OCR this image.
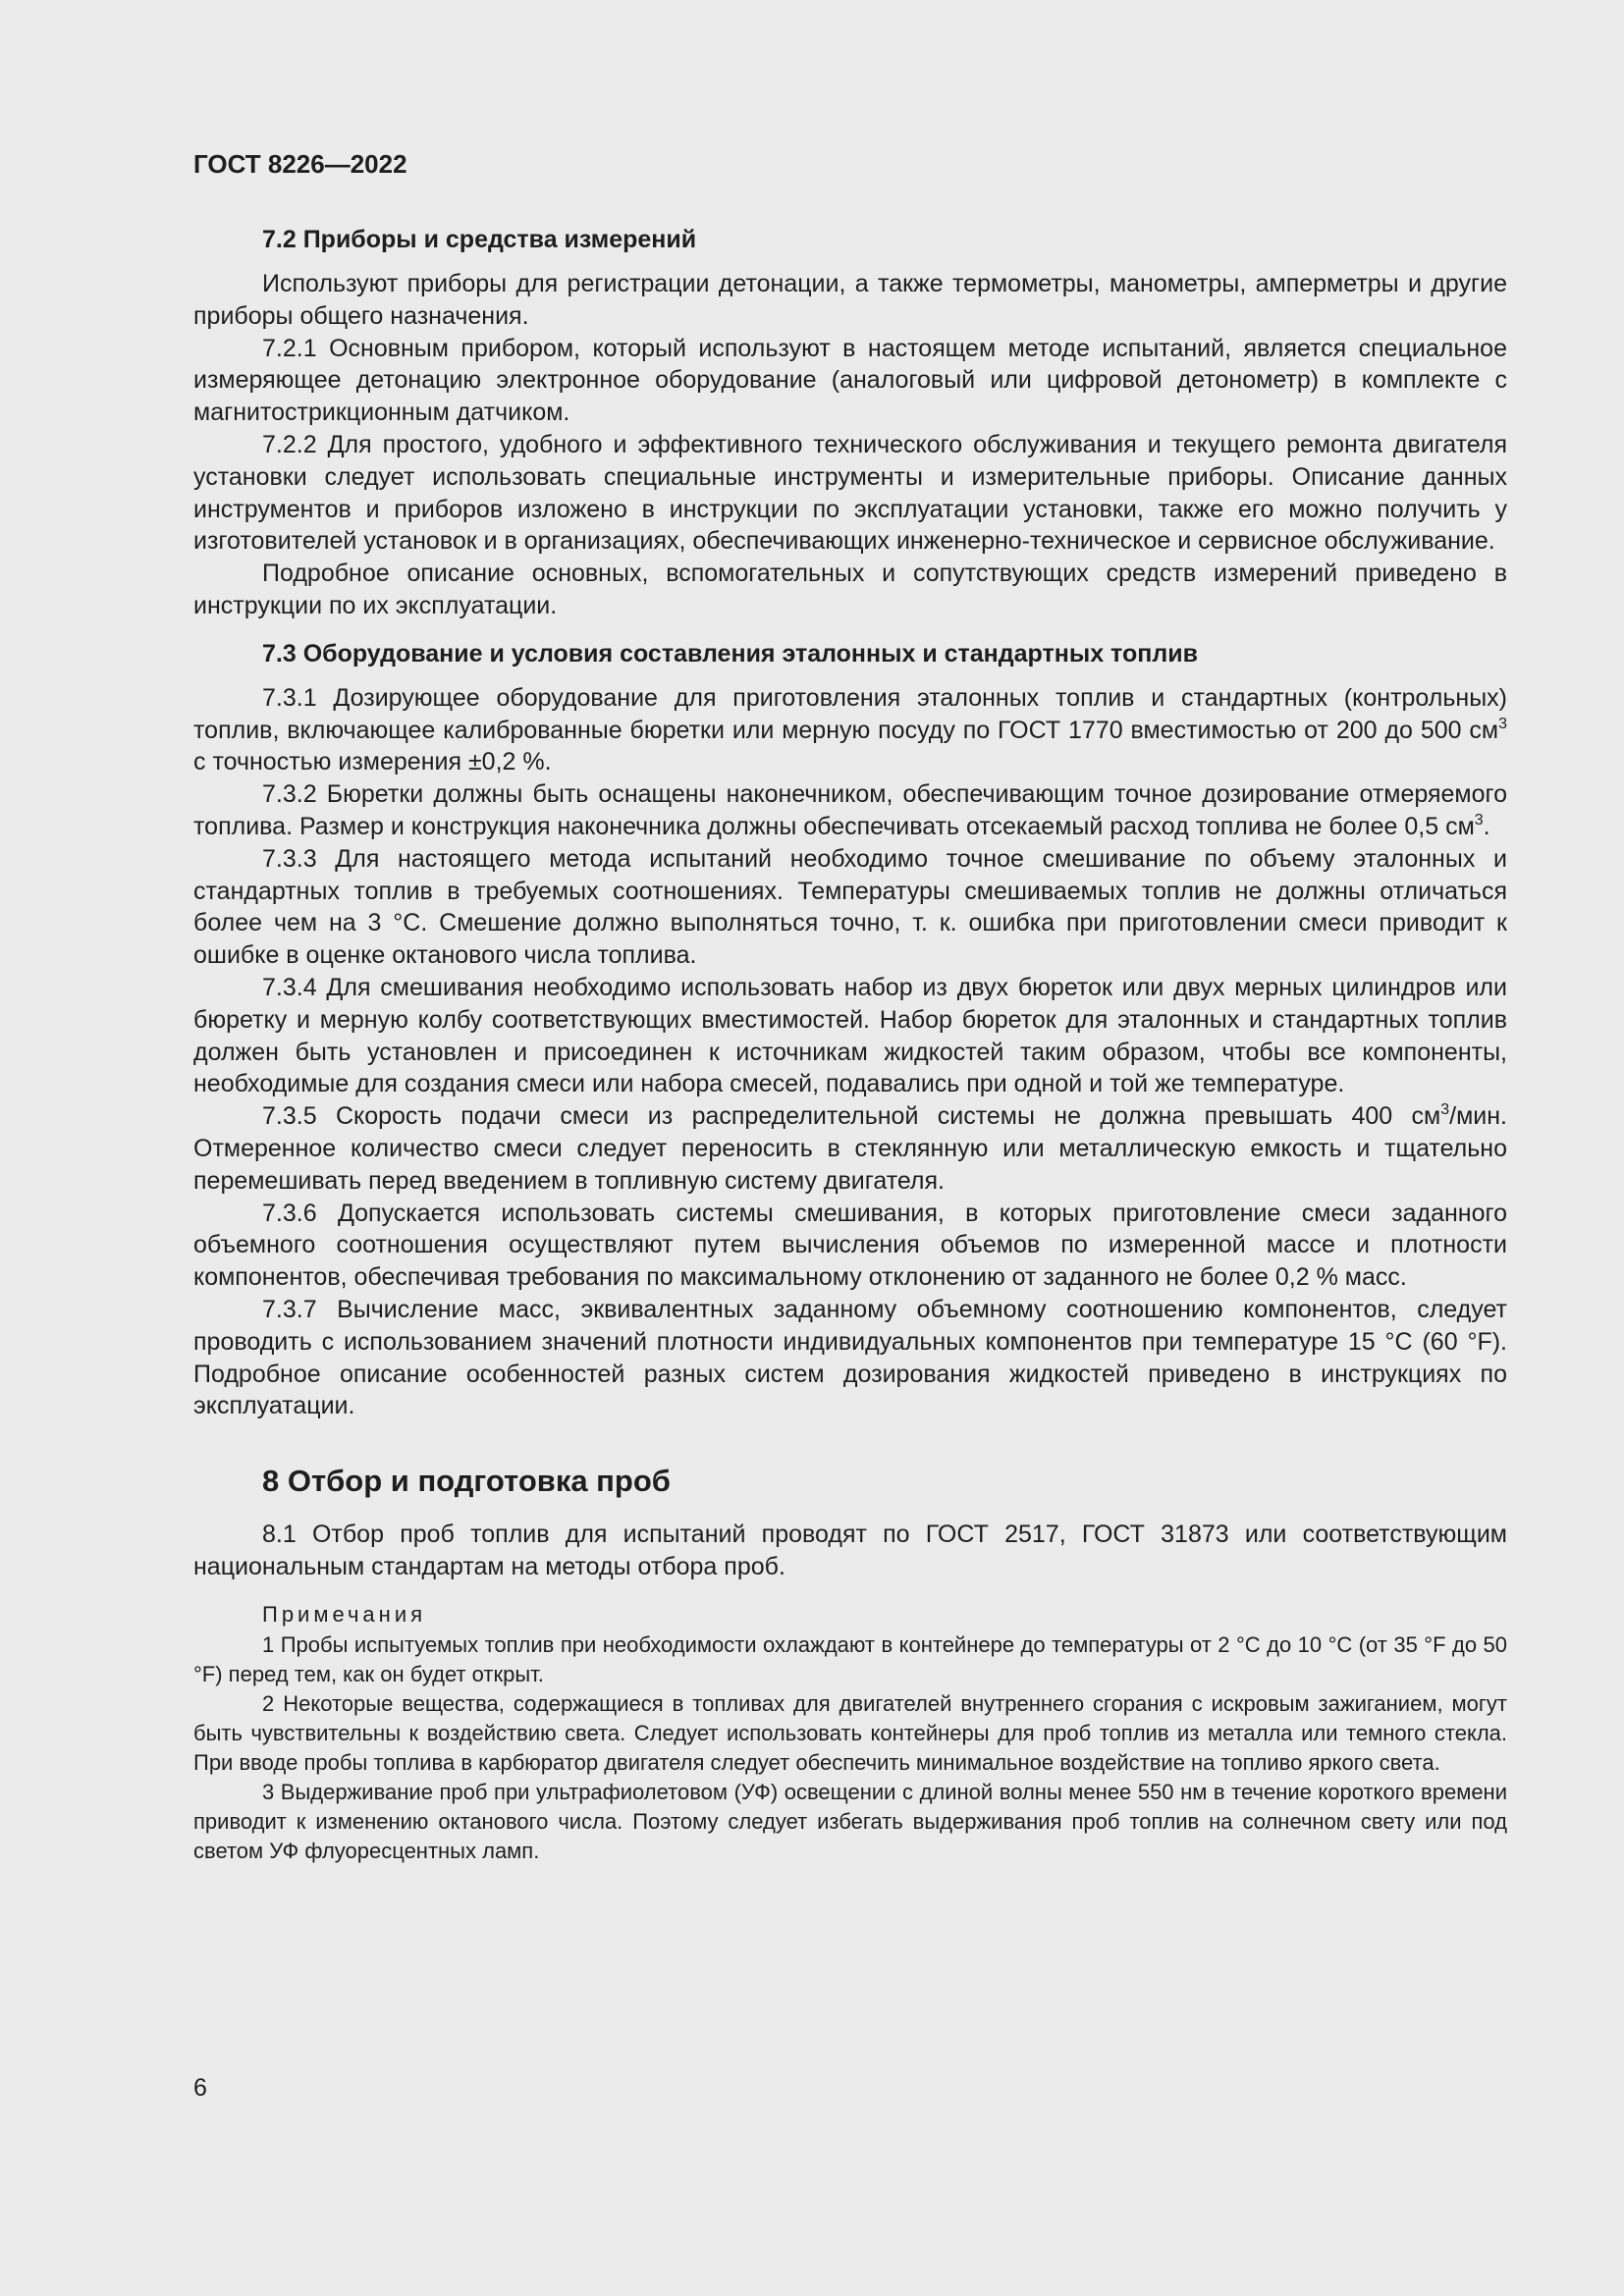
ГОСТ 8226—2022
7.2 Приборы и средства измерений

Используют приборы для регистрации детонации, а также термометры, манометры, амперметры и другие приборы общего назначения.

7.2.1 Основным прибором, который используют в настоящем методе испытаний, является специальное измеряющее детонацию электронное оборудование (аналоговый или цифровой детонометр) в комплекте с магнитострикционным датчиком.

7.2.2 Для простого, удобного и эффективного технического обслуживания и текущего ремонта двигателя установки следует использовать специальные инструменты и измерительные приборы. Описание данных инструментов и приборов изложено в инструкции по эксплуатации установки, также его можно получить у изготовителей установок и в организациях, обеспечивающих инженерно-техническое и сервисное обслуживание.

Подробное описание основных, вспомогательных и сопутствующих средств измерений приведено в инструкции по их эксплуатации.

7.3 Оборудование и условия составления эталонных и стандартных топлив

7.3.1 Дозирующее оборудование для приготовления эталонных топлив и стандартных (контрольных) топлив, включающее калиброванные бюретки или мерную посуду по ГОСТ 1770 вместимостью от 200 до 500 $см^3$ с точностью измерения ±0,2 %.

7.3.2 Бюретки должны быть оснащены наконечником, обеспечивающим точное дозирование отмеряемого топлива. Размер и конструкция наконечника должны обеспечивать отсекаемый расход топлива не более 0,5 $см^3$.

7.3.3 Для настоящего метода испытаний необходимо точное смешивание по объему эталонных и стандартных топлив в требуемых соотношениях. Температуры смешиваемых топлив не должны отличаться более чем на 3 °С. Смешение должно выполняться точно, т. к. ошибка при приготовлении смеси приводит к ошибке в оценке октанового числа топлива.

7.3.4 Для смешивания необходимо использовать набор из двух бюреток или двух мерных цилиндров или бюретку и мерную колбу соответствующих вместимостей. Набор бюреток для эталонных и стандартных топлив должен быть установлен и присоединен к источникам жидкостей таким образом, чтобы все компоненты, необходимые для создания смеси или набора смесей, подавались при одной и той же температуре.

7.3.5 Скорость подачи смеси из распределительной системы не должна превышать 400 $см^3$/мин. Отмеренное количество смеси следует переносить в стеклянную или металлическую емкость и тщательно перемешивать перед введением в топливную систему двигателя.

7.3.6 Допускается использовать системы смешивания, в которых приготовление смеси заданного объемного соотношения осуществляют путем вычисления объемов по измеренной массе и плотности компонентов, обеспечивая требования по максимальному отклонению от заданного не более 0,2 % масс.

7.3.7 Вычисление масс, эквивалентных заданному объемному соотношению компонентов, следует проводить с использованием значений плотности индивидуальных компонентов при температуре 15 °С (60 °F). Подробное описание особенностей разных систем дозирования жидкостей приведено в инструкциях по эксплуатации.

8 Отбор и подготовка проб

8.1 Отбор проб топлив для испытаний проводят по ГОСТ 2517, ГОСТ 31873 или соответствующим национальным стандартам на методы отбора проб.

Примечания

1 Пробы испытуемых топлив при необходимости охлаждают в контейнере до температуры от 2 °С до 10 °С (от 35 °F до 50 °F) перед тем, как он будет открыт.

2 Некоторые вещества, содержащиеся в топливах для двигателей внутреннего сгорания с искровым зажиганием, могут быть чувствительны к воздействию света. Следует использовать контейнеры для проб топлив из металла или темного стекла. При вводе пробы топлива в карбюратор двигателя следует обеспечить минимальное воздействие на топливо яркого света.

3 Выдерживание проб при ультрафиолетовом (УФ) освещении с длиной волны менее 550 нм в течение короткого времени приводит к изменению октанового числа. Поэтому следует избегать выдерживания проб топлив на солнечном свету или под светом УФ флуоресцентных ламп.

6
